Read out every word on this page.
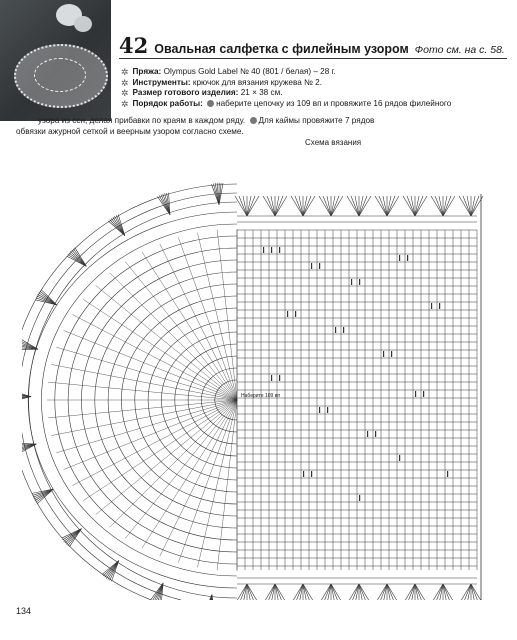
42 Овальная салфетка с филейным узором Фото см. на с. 58.
✲ Пряжа: Olympus Gold Label № 40 (801 / белая) – 28 г.
✲ Инструменты: крючок для вязания кружева № 2.
✲ Размер готового изделия: 21 × 38 см.
✲ Порядок работы: наберите цепочку из 109 вп и провяжите 16 рядов филейного
узора из ссн, делая прибавки по краям в каждом ряду. Для каймы провяжите 7 рядов
обвязки ажурной сеткой и веерным узором согласно схеме.
Схема вязания
Наберите 109 вп
134
